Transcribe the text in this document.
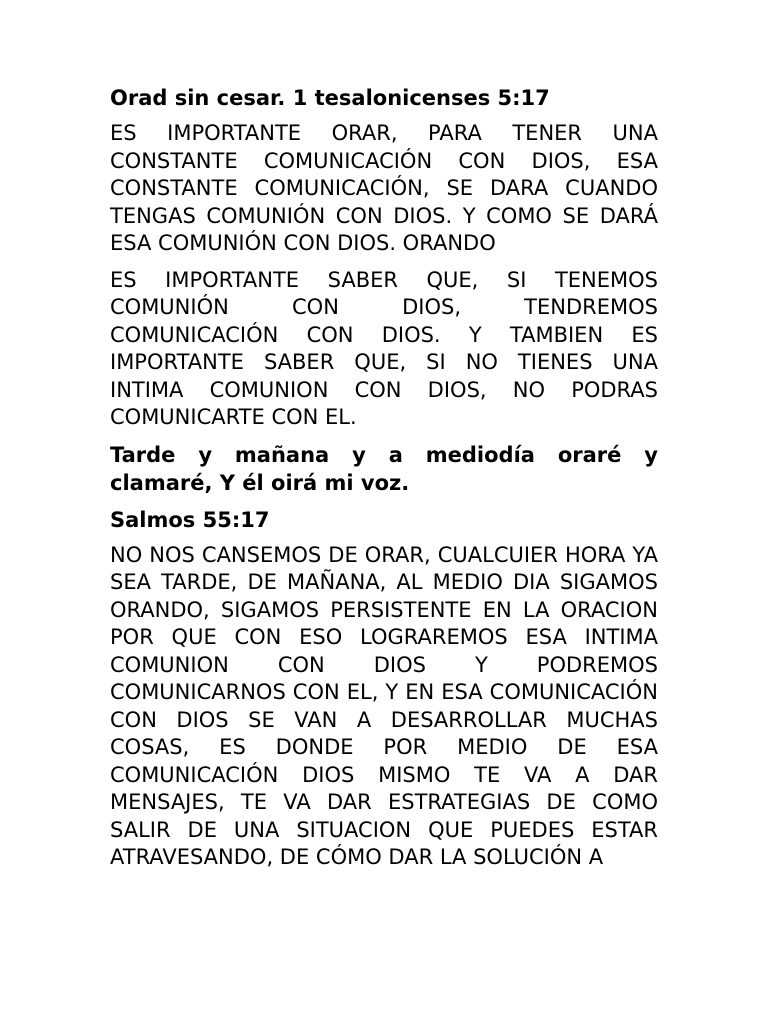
Orad sin cesar. 1 tesalonicenses 5:17
ES IMPORTANTE ORAR, PARA TENER UNA CONSTANTE COMUNICACIÓN CON DIOS, ESA CONSTANTE COMUNICACIÓN, SE DARA CUANDO TENGAS COMUNIÓN CON DIOS. Y COMO SE DARÁ ESA COMUNIÓN CON DIOS. ORANDO
ES IMPORTANTE SABER QUE, SI TENEMOS COMUNIÓN CON DIOS, TENDREMOS COMUNICACIÓN CON DIOS. Y TAMBIEN ES IMPORTANTE SABER QUE, SI NO TIENES UNA INTIMA COMUNION CON DIOS, NO PODRAS COMUNICARTE CON EL.
Tarde y mañana y a mediodía oraré y clamaré, Y él oirá mi voz.
Salmos 55:17
NO NOS CANSEMOS DE ORAR, CUALCUIER HORA YA SEA TARDE, DE MAÑANA, AL MEDIO DIA SIGAMOS ORANDO, SIGAMOS PERSISTENTE EN LA ORACION POR QUE CON ESO LOGRAREMOS ESA INTIMA COMUNION CON DIOS Y PODREMOS COMUNICARNOS CON EL, Y EN ESA COMUNICACIÓN CON DIOS SE VAN A DESARROLLAR MUCHAS COSAS, ES DONDE POR MEDIO DE ESA COMUNICACIÓN DIOS MISMO TE VA A DAR MENSAJES, TE VA DAR ESTRATEGIAS DE COMO SALIR DE UNA SITUACION QUE PUEDES ESTAR ATRAVESANDO, DE CÓMO DAR LA SOLUCIÓN A
